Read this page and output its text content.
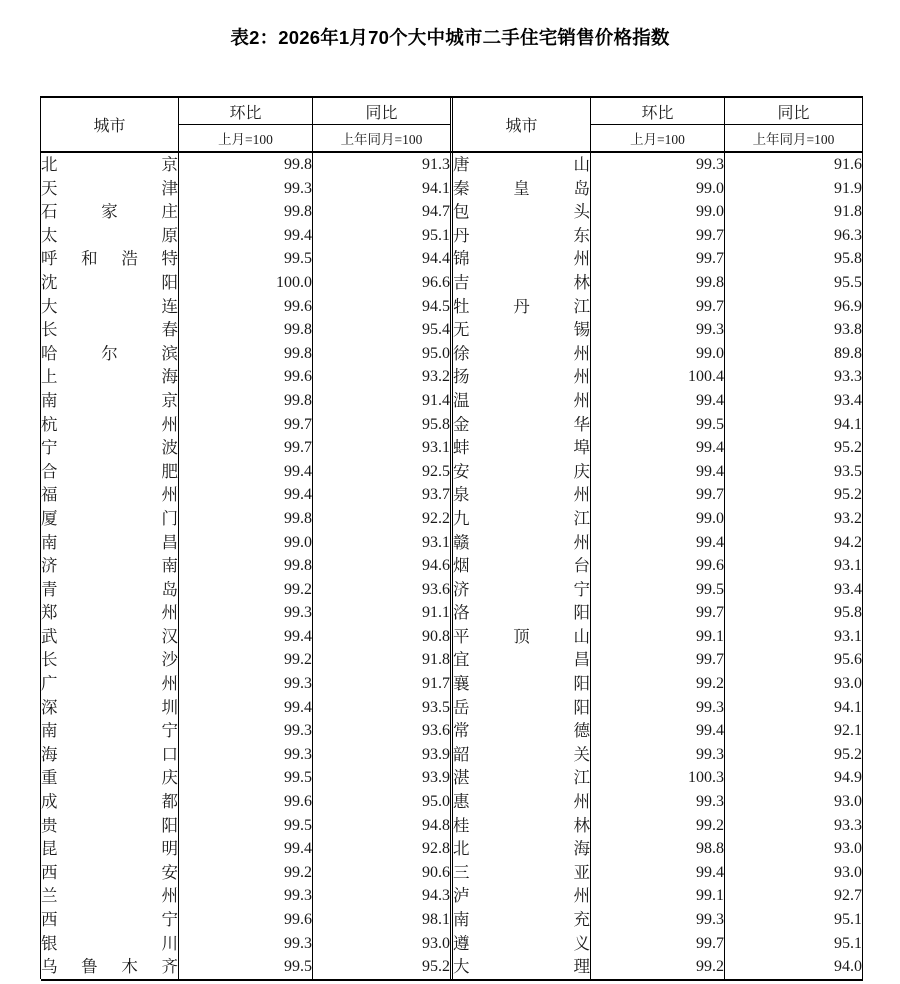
表2：2026年1月70个大中城市二手住宅销售价格指数
城市	环比	同比		城市	环比	同比
	上月=100	上年同月=100			上月=100	上年同月=100

北京	99.8	91.3		唐山	99.3	91.6
天津	99.3	94.1		秦皇岛	99.0	91.9
石家庄	99.8	94.7		包头	99.0	91.8
太原	99.4	95.1		丹东	99.7	96.3
呼和浩特	99.5	94.4		锦州	99.7	95.8
沈阳	100.0	96.6		吉林	99.8	95.5
大连	99.6	94.5		牡丹江	99.7	96.9
长春	99.8	95.4		无锡	99.3	93.8
哈尔滨	99.8	95.0		徐州	99.0	89.8
上海	99.6	93.2		扬州	100.4	93.3
南京	99.8	91.4		温州	99.4	93.4
杭州	99.7	95.8		金华	99.5	94.1
宁波	99.7	93.1		蚌埠	99.4	95.2
合肥	99.4	92.5		安庆	99.4	93.5
福州	99.4	93.7		泉州	99.7	95.2
厦门	99.8	92.2		九江	99.0	93.2
南昌	99.0	93.1		赣州	99.4	94.2
济南	99.8	94.6		烟台	99.6	93.1
青岛	99.2	93.6		济宁	99.5	93.4
郑州	99.3	91.1		洛阳	99.7	95.8
武汉	99.4	90.8		平顶山	99.1	93.1
长沙	99.2	91.8		宜昌	99.7	95.6
广州	99.3	91.7		襄阳	99.2	93.0
深圳	99.4	93.5		岳阳	99.3	94.1
南宁	99.3	93.6		常德	99.4	92.1
海口	99.3	93.9		韶关	99.3	95.2
重庆	99.5	93.9		湛江	100.3	94.9
成都	99.6	95.0		惠州	99.3	93.0
贵阳	99.5	94.8		桂林	99.2	93.3
昆明	99.4	92.8		北海	98.8	93.0
西安	99.2	90.6		三亚	99.4	93.0
兰州	99.3	94.3		泸州	99.1	92.7
西宁	99.6	98.1		南充	99.3	95.1
银川	99.3	93.0		遵义	99.7	95.1
乌鲁木齐	99.5	95.2		大理	99.2	94.0
